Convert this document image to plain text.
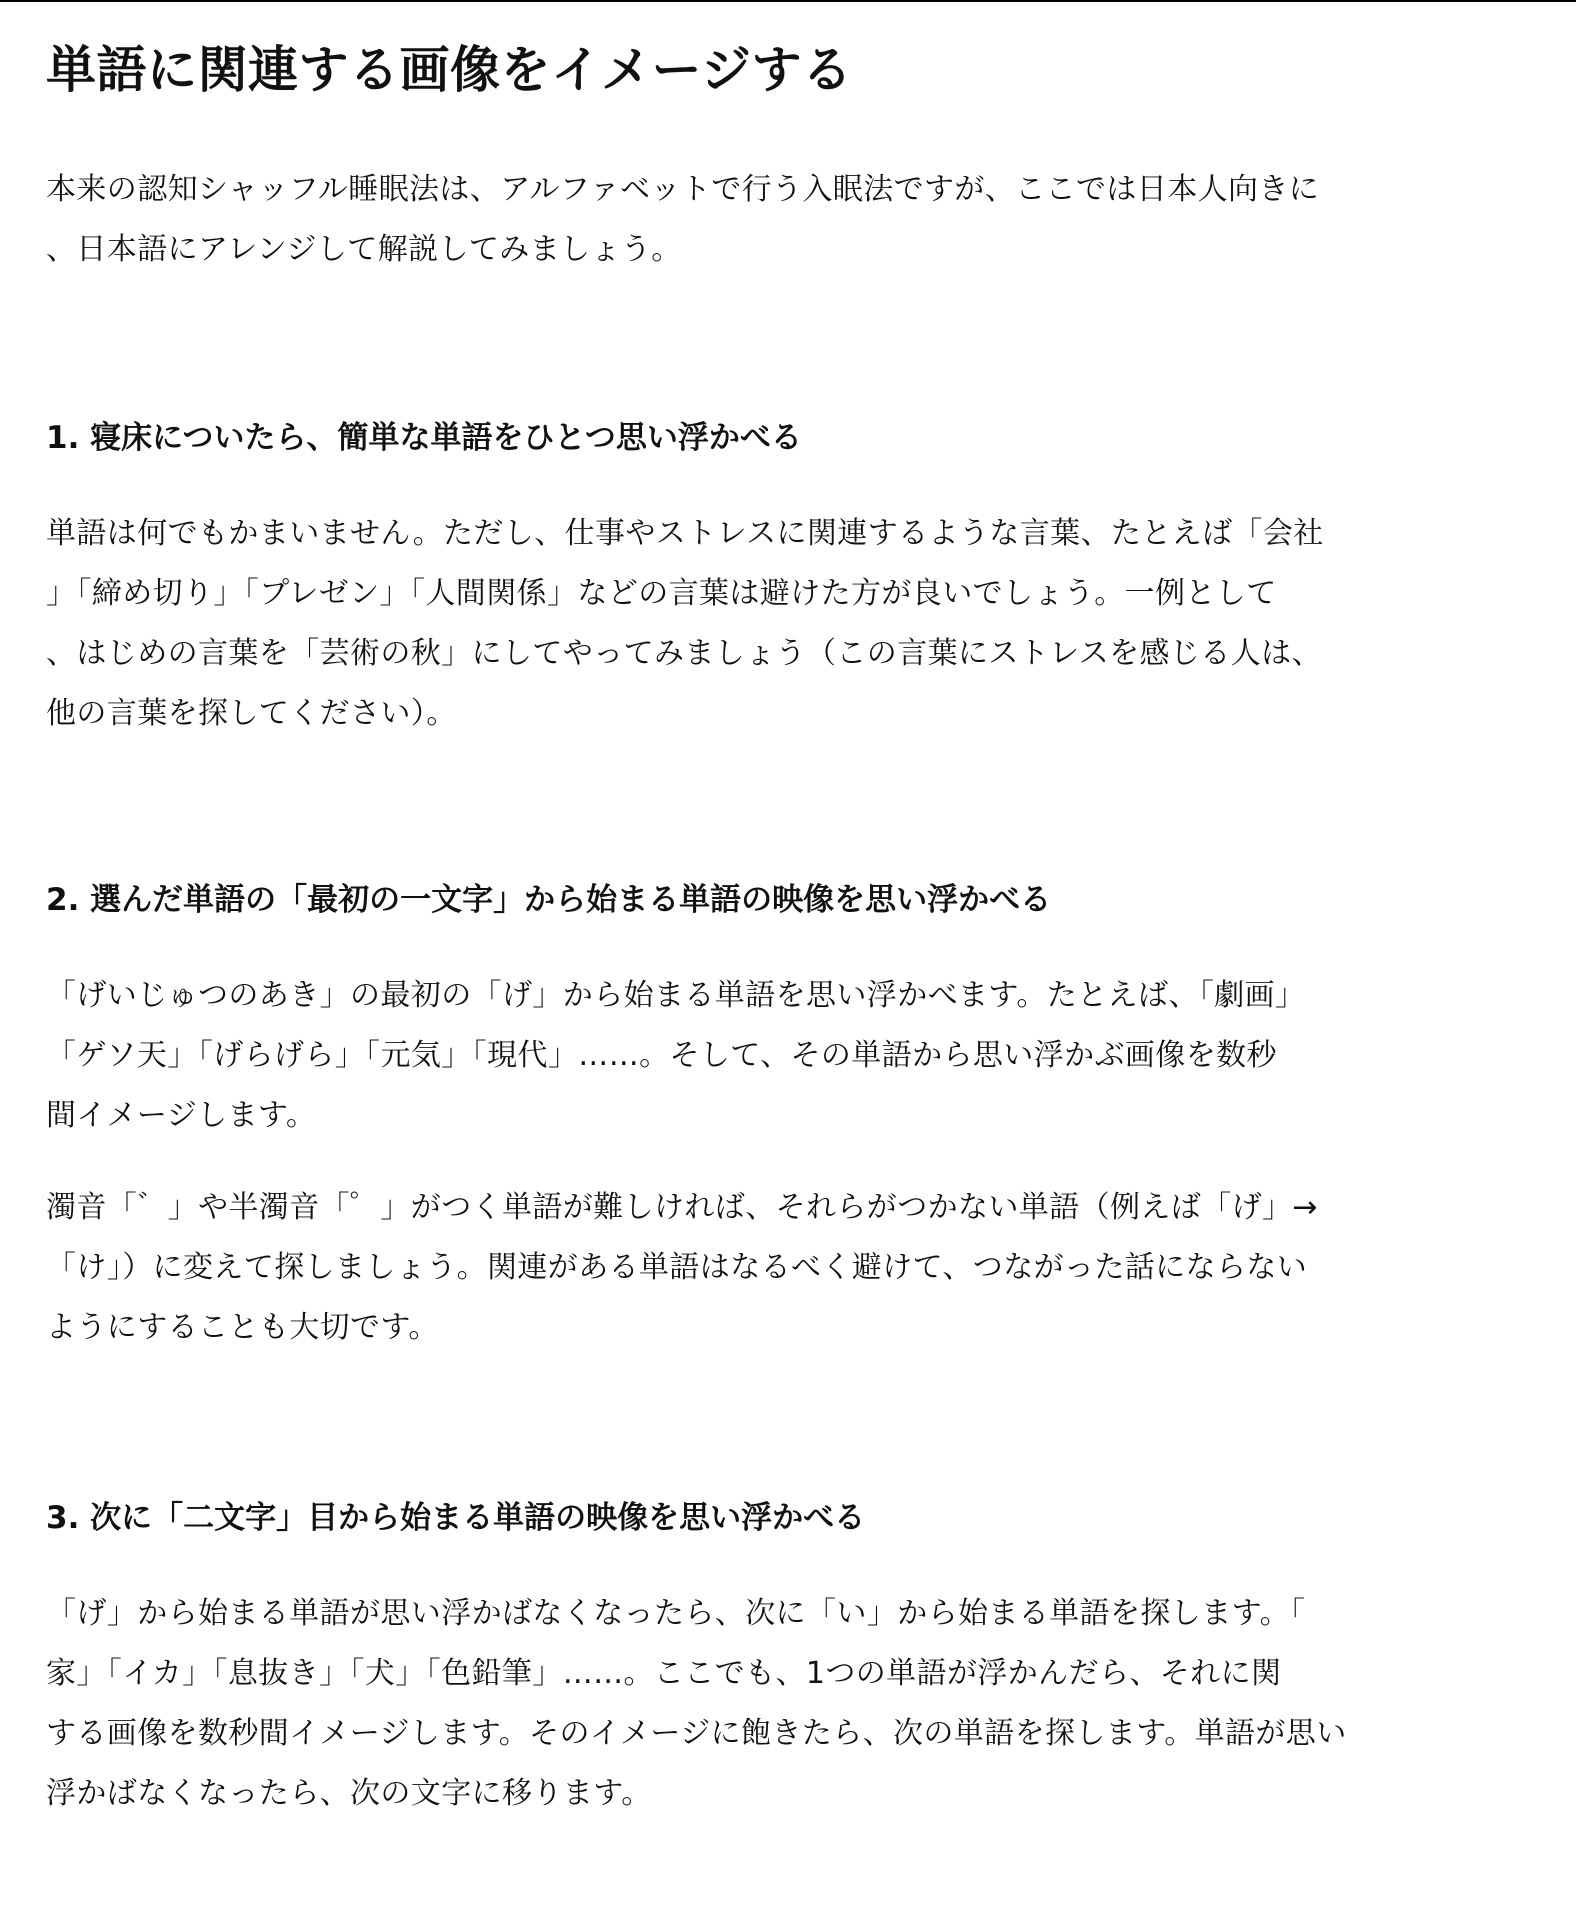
単語に関連する画像をイメージする

本来の認知シャッフル睡眠法は、アルファベットで行う入眠法ですが、ここでは日本人向きに
、日本語にアレンジして解説してみましょう。

1. 寝床についたら、簡単な単語をひとつ思い浮かべる

単語は何でもかまいません。ただし、仕事やストレスに関連するような言葉、たとえば「会社
」「締め切り」「プレゼン」「人間関係」などの言葉は避けた方が良いでしょう。一例として
、はじめの言葉を「芸術の秋」にしてやってみましょう（この言葉にストレスを感じる人は、
他の言葉を探してください）。

2. 選んだ単語の「最初の一文字」から始まる単語の映像を思い浮かべる

「げいじゅつのあき」の最初の「げ」から始まる単語を思い浮かべます。たとえば、「劇画」
「ゲソ天」「げらげら」「元気」「現代」……。そして、その単語から思い浮かぶ画像を数秒
間イメージします。

濁音「゛」や半濁音「゜」がつく単語が難しければ、それらがつかない単語（例えば「げ」→
「け」）に変えて探しましょう。関連がある単語はなるべく避けて、つながった話にならない
ようにすることも大切です。

3. 次に「二文字」目から始まる単語の映像を思い浮かべる

「げ」から始まる単語が思い浮かばなくなったら、次に「い」から始まる単語を探します。「
家」「イカ」「息抜き」「犬」「色鉛筆」……。ここでも、1つの単語が浮かんだら、それに関
する画像を数秒間イメージします。そのイメージに飽きたら、次の単語を探します。単語が思い
浮かばなくなったら、次の文字に移ります。
